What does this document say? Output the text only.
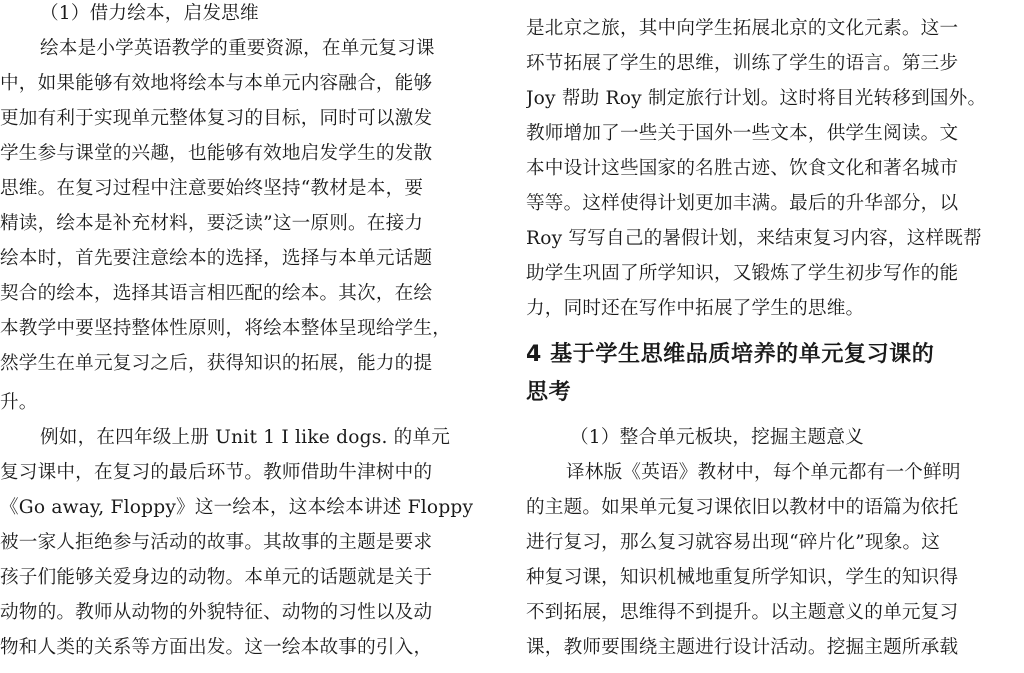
（1）借力绘本，启发思维
绘本是小学英语教学的重要资源，在单元复习课
中，如果能够有效地将绘本与本单元内容融合，能够
更加有利于实现单元整体复习的目标，同时可以激发
学生参与课堂的兴趣，也能够有效地启发学生的发散
思维。在复习过程中注意要始终坚持“教材是本，要
精读，绘本是补充材料，要泛读”这一原则。在接力
绘本时，首先要注意绘本的选择，选择与本单元话题
契合的绘本，选择其语言相匹配的绘本。其次，在绘
本教学中要坚持整体性原则，将绘本整体呈现给学生，
然学生在单元复习之后，获得知识的拓展，能力的提
升。
例如，在四年级上册 Unit 1 I like dogs. 的单元
复习课中，在复习的最后环节。教师借助牛津树中的
《Go away, Floppy》这一绘本，这本绘本讲述 Floppy
被一家人拒绝参与活动的故事。其故事的主题是要求
孩子们能够关爱身边的动物。本单元的话题就是关于
动物的。教师从动物的外貌特征、动物的习性以及动
物和人类的关系等方面出发。这一绘本故事的引入，
是北京之旅，其中向学生拓展北京的文化元素。这一
环节拓展了学生的思维，训练了学生的语言。第三步
Joy 帮助 Roy 制定旅行计划。这时将目光转移到国外。
教师增加了一些关于国外一些文本，供学生阅读。文
本中设计这些国家的名胜古迹、饮食文化和著名城市
等等。这样使得计划更加丰满。最后的升华部分，以
Roy 写写自己的暑假计划，来结束复习内容，这样既帮
助学生巩固了所学知识，又锻炼了学生初步写作的能
力，同时还在写作中拓展了学生的思维。
4 基于学生思维品质培养的单元复习课的
思考
（1）整合单元板块，挖掘主题意义
译林版《英语》教材中，每个单元都有一个鲜明
的主题。如果单元复习课依旧以教材中的语篇为依托
进行复习，那么复习就容易出现“碎片化”现象。这
种复习课，知识机械地重复所学知识，学生的知识得
不到拓展，思维得不到提升。以主题意义的单元复习
课，教师要围绕主题进行设计活动。挖掘主题所承载
